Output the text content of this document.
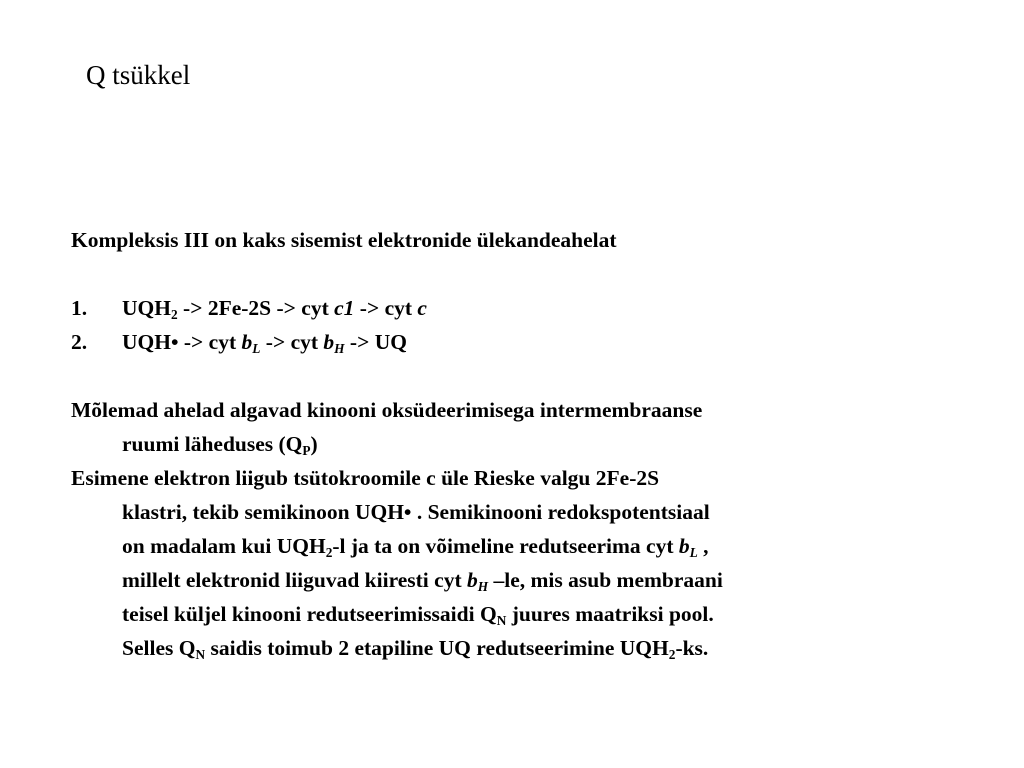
Q tsükkel
Kompleksis III on kaks sisemist elektronide ülekandeahelat
1. $UQH_2 -> 2Fe-2S$ -> cyt c1 -> cyt c
2. UQH• -> cyt $b_L$ -> cyt $b_H$ -> UQ
Mõlemad ahelad algavad kinooni oksüdeerimisega intermembraanse
ruumi läheduses $(Q_P)$
Esimene elektron liigub tsütokroomile c üle Rieske valgu 2Fe-2S
klastri, tekib semikinoon UQH• . Semikinooni redokspotentsiaal
on madalam kui $UQH_2-l$ ja ta on võimeline redutseerima cyt $b_L$ ,
millelt elektronid liiguvad kiiresti cyt $b_H$ –le, mis asub membraani
teisel küljel kinooni redutseerimissaidi $Q_N$ juures maatriksi pool.
Selles $Q_N$ saidis toimub 2 etapiline UQ redutseerimine $UQH_2-ks$.
